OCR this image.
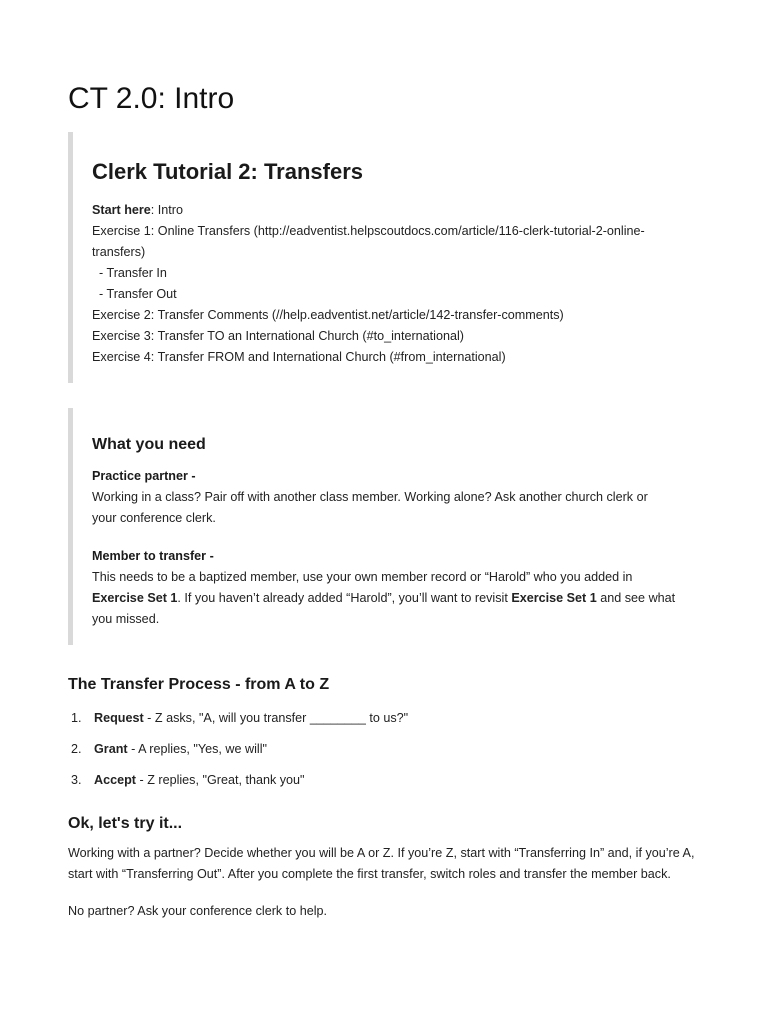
CT 2.0: Intro
Clerk Tutorial 2: Transfers
Start here: Intro
Exercise 1: Online Transfers (http://eadventist.helpscoutdocs.com/article/116-clerk-tutorial-2-online-
transfers)
- Transfer In
- Transfer Out
Exercise 2: Transfer Comments (//help.eadventist.net/article/142-transfer-comments)
Exercise 3: Transfer TO an International Church (#to_international)
Exercise 4: Transfer FROM and International Church (#from_international)
What you need
Practice partner -
Working in a class? Pair off with another class member. Working alone? Ask another church clerk or
your conference clerk.
Member to transfer -
This needs to be a baptized member, use your own member record or “Harold” who you added in
Exercise Set 1. If you haven’t already added “Harold”, you’ll want to revisit Exercise Set 1 and see what
you missed.
The Transfer Process - from A to Z
1. Request - Z asks, "A, will you transfer ________ to us?"
2. Grant - A replies, "Yes, we will"
3. Accept - Z replies, "Great, thank you"
Ok, let's try it...
Working with a partner? Decide whether you will be A or Z. If you’re Z, start with “Transferring In” and, if you’re A,
start with “Transferring Out”. After you complete the first transfer, switch roles and transfer the member back.
No partner? Ask your conference clerk to help.
